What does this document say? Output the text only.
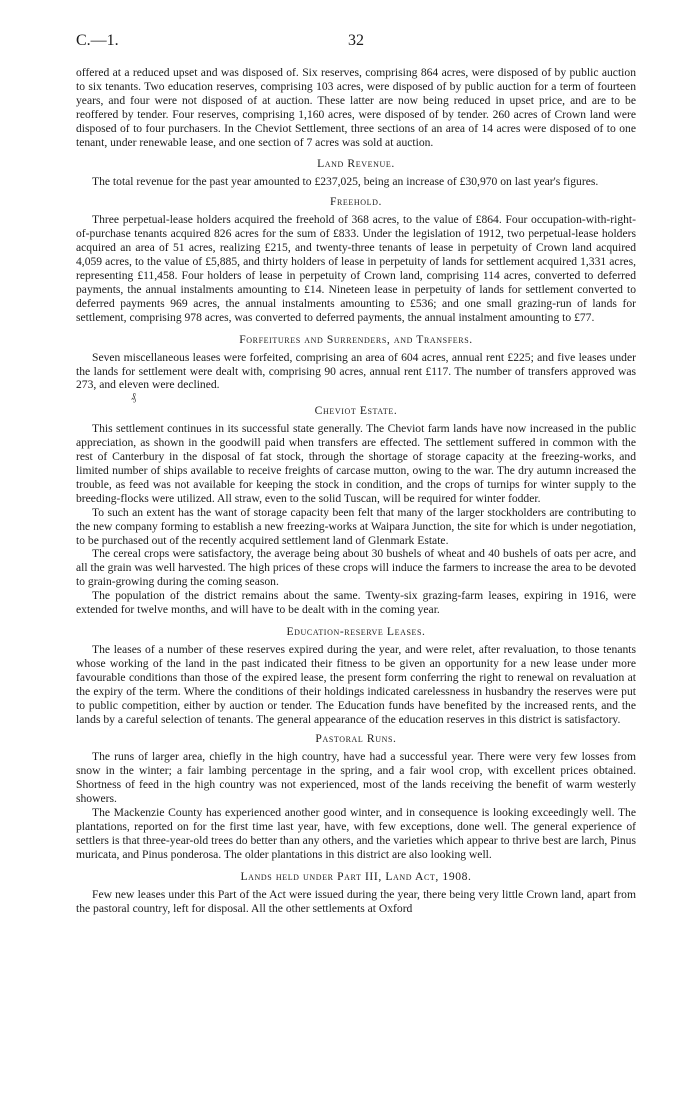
C.—1.	32

offered at a reduced upset and was disposed of. Six reserves, comprising 864 acres, were disposed of by public auction to six tenants. Two education reserves, comprising 103 acres, were disposed of by public auction for a term of fourteen years, and four were not disposed of at auction. These latter are now being reduced in upset price, and are to be reoffered by tender. Four reserves, comprising 1,160 acres, were disposed of by tender. 260 acres of Crown land were disposed of to four purchasers. In the Cheviot Settlement, three sections of an area of 14 acres were disposed of to one tenant, under renewable lease, and one section of 7 acres was sold at auction.

Land Revenue.

The total revenue for the past year amounted to £237,025, being an increase of £30,970 on last year's figures.

Freehold.

Three perpetual-lease holders acquired the freehold of 368 acres, to the value of £864. Four occupation-with-right-of-purchase tenants acquired 826 acres for the sum of £833. Under the legislation of 1912, two perpetual-lease holders acquired an area of 51 acres, realizing £215, and twenty-three tenants of lease in perpetuity of Crown land acquired 4,059 acres, to the value of £5,885, and thirty holders of lease in perpetuity of lands for settlement acquired 1,331 acres, representing £11,458. Four holders of lease in perpetuity of Crown land, comprising 114 acres, converted to deferred payments, the annual instalments amounting to £14. Nineteen lease in perpetuity of lands for settlement converted to deferred payments 969 acres, the annual instalments amounting to £536; and one small grazing-run of lands for settlement, comprising 978 acres, was converted to deferred payments, the annual instalment amounting to £77.

Forfeitures and Surrenders, and Transfers.

Seven miscellaneous leases were forfeited, comprising an area of 604 acres, annual rent £225; and five leases under the lands for settlement were dealt with, comprising 90 acres, annual rent £117. The number of transfers approved was 273, and eleven were declined.

₰
Cheviot Estate.

This settlement continues in its successful state generally. The Cheviot farm lands have now increased in the public appreciation, as shown in the goodwill paid when transfers are effected. The settlement suffered in common with the rest of Canterbury in the disposal of fat stock, through the shortage of storage capacity at the freezing-works, and limited number of ships available to receive freights of carcase mutton, owing to the war. The dry autumn increased the trouble, as feed was not available for keeping the stock in condition, and the crops of turnips for winter supply to the breeding-flocks were utilized. All straw, even to the solid Tuscan, will be required for winter fodder.

To such an extent has the want of storage capacity been felt that many of the larger stockholders are contributing to the new company forming to establish a new freezing-works at Waipara Junction, the site for which is under negotiation, to be purchased out of the recently acquired settlement land of Glenmark Estate.

The cereal crops were satisfactory, the average being about 30 bushels of wheat and 40 bushels of oats per acre, and all the grain was well harvested. The high prices of these crops will induce the farmers to increase the area to be devoted to grain-growing during the coming season.

The population of the district remains about the same. Twenty-six grazing-farm leases, expiring in 1916, were extended for twelve months, and will have to be dealt with in the coming year.

Education-reserve Leases.

The leases of a number of these reserves expired during the year, and were relet, after revaluation, to those tenants whose working of the land in the past indicated their fitness to be given an opportunity for a new lease under more favourable conditions than those of the expired lease, the present form conferring the right to renewal on revaluation at the expiry of the term. Where the conditions of their holdings indicated carelessness in husbandry the reserves were put to public competition, either by auction or tender. The Education funds have benefited by the increased rents, and the lands by a careful selection of tenants. The general appearance of the education reserves in this district is satisfactory.

Pastoral Runs.

The runs of larger area, chiefly in the high country, have had a successful year. There were very few losses from snow in the winter; a fair lambing percentage in the spring, and a fair wool crop, with excellent prices obtained. Shortness of feed in the high country was not experienced, most of the lands receiving the benefit of warm westerly showers.

The Mackenzie County has experienced another good winter, and in consequence is looking exceedingly well. The plantations, reported on for the first time last year, have, with few exceptions, done well. The general experience of settlers is that three-year-old trees do better than any others, and the varieties which appear to thrive best are larch, Pinus muricata, and Pinus ponderosa. The older plantations in this district are also looking well.

Lands held under Part III, Land Act, 1908.

Few new leases under this Part of the Act were issued during the year, there being very little Crown land, apart from the pastoral country, left for disposal. All the other settlements at Oxford
